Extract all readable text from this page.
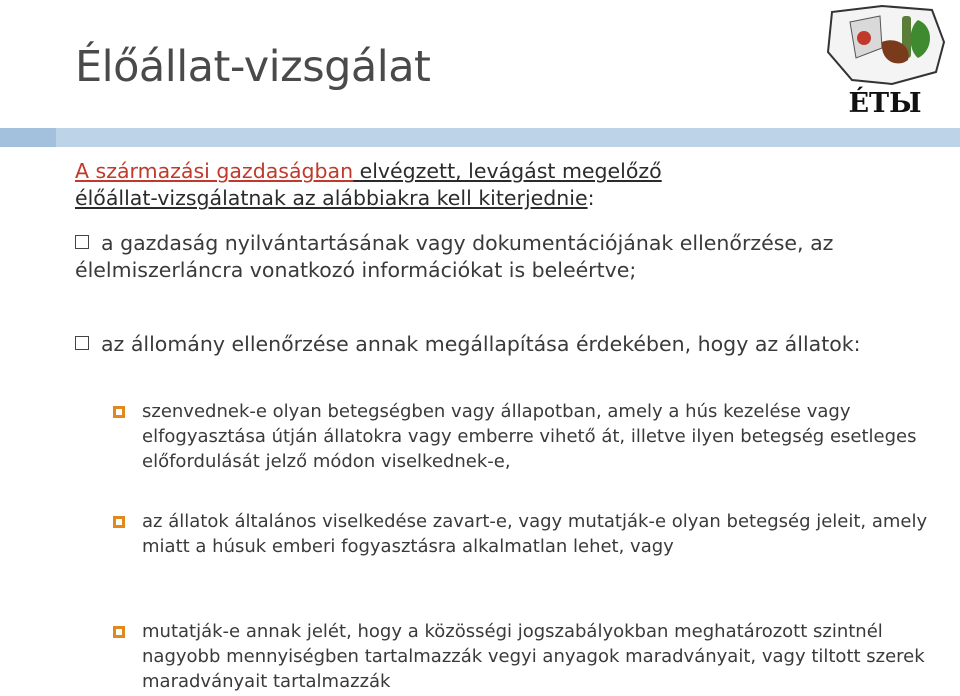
Élőállat-vizsgálat
ÉTЫ
A származási gazdaságban elvégzett, levágást megelőző
élőállat-vizsgálatnak az alábbiakra kell kiterjednie:
a gazdaság nyilvántartásának vagy dokumentációjának ellenőrzése, az élelmiszerláncra vonatkozó információkat is beleértve;
az állomány ellenőrzése annak megállapítása érdekében, hogy az állatok:
szenvednek-e olyan betegségben vagy állapotban, amely a hús kezelése vagy elfogyasztása útján állatokra vagy emberre vihető át, illetve ilyen betegség esetleges előfordulását jelző módon viselkednek-e,
az állatok általános viselkedése zavart-e, vagy mutatják-e olyan betegség jeleit, amely miatt a húsuk emberi fogyasztásra alkalmatlan lehet, vagy
mutatják-e annak jelét, hogy a közösségi jogszabályokban meghatározott szintnél nagyobb mennyiségben tartalmazzák vegyi anyagok maradványait, vagy tiltott szerek maradványait tartalmazzák
